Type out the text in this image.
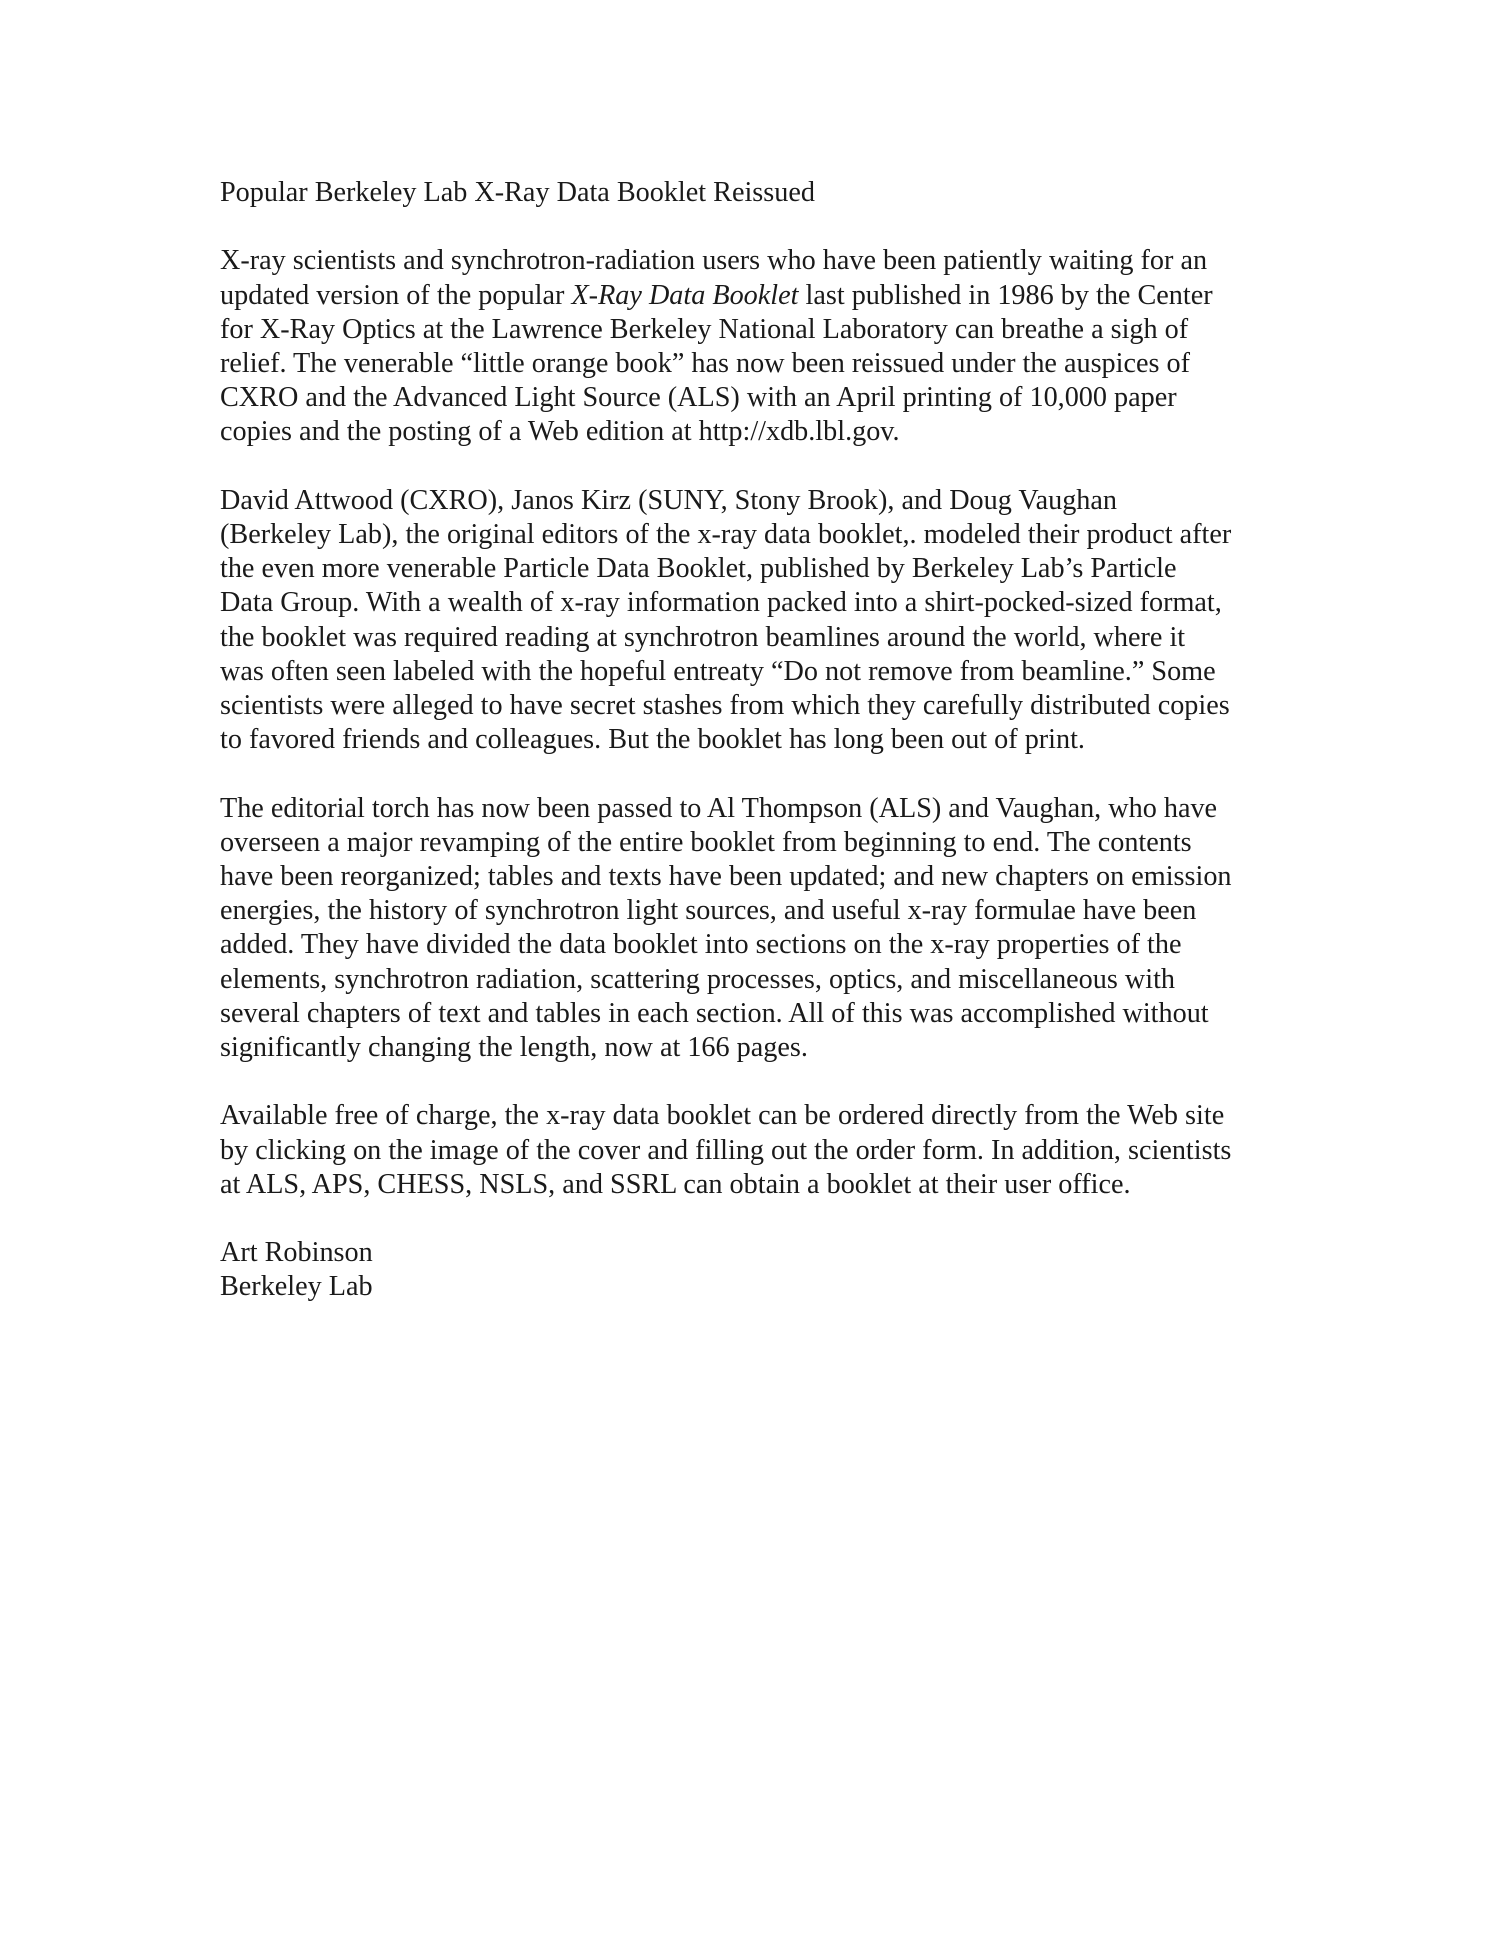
Popular Berkeley Lab X-Ray Data Booklet Reissued
X-ray scientists and synchrotron-radiation users who have been patiently waiting for an
updated version of the popular X-Ray Data Booklet last published in 1986 by the Center
for X-Ray Optics at the Lawrence Berkeley National Laboratory can breathe a sigh of
relief. The venerable “little orange book” has now been reissued under the auspices of
CXRO and the Advanced Light Source (ALS) with an April printing of 10,000 paper
copies and the posting of a Web edition at http://xdb.lbl.gov.
David Attwood (CXRO), Janos Kirz (SUNY, Stony Brook), and Doug Vaughan
(Berkeley Lab), the original editors of the x-ray data booklet,. modeled their product after
the even more venerable Particle Data Booklet, published by Berkeley Lab’s Particle
Data Group. With a wealth of x-ray information packed into a shirt-pocked-sized format,
the booklet was required reading at synchrotron beamlines around the world, where it
was often seen labeled with the hopeful entreaty “Do not remove from beamline.” Some
scientists were alleged to have secret stashes from which they carefully distributed copies
to favored friends and colleagues. But the booklet has long been out of print.
The editorial torch has now been passed to Al Thompson (ALS) and Vaughan, who have
overseen a major revamping of the entire booklet from beginning to end. The contents
have been reorganized; tables and texts have been updated; and new chapters on emission
energies, the history of synchrotron light sources, and useful x-ray formulae have been
added. They have divided the data booklet into sections on the x-ray properties of the
elements, synchrotron radiation, scattering processes, optics, and miscellaneous with
several chapters of text and tables in each section. All of this was accomplished without
significantly changing the length, now at 166 pages.
Available free of charge, the x-ray data booklet can be ordered directly from the Web site
by clicking on the image of the cover and filling out the order form. In addition, scientists
at ALS, APS, CHESS, NSLS, and SSRL can obtain a booklet at their user office.
Art Robinson
Berkeley Lab
